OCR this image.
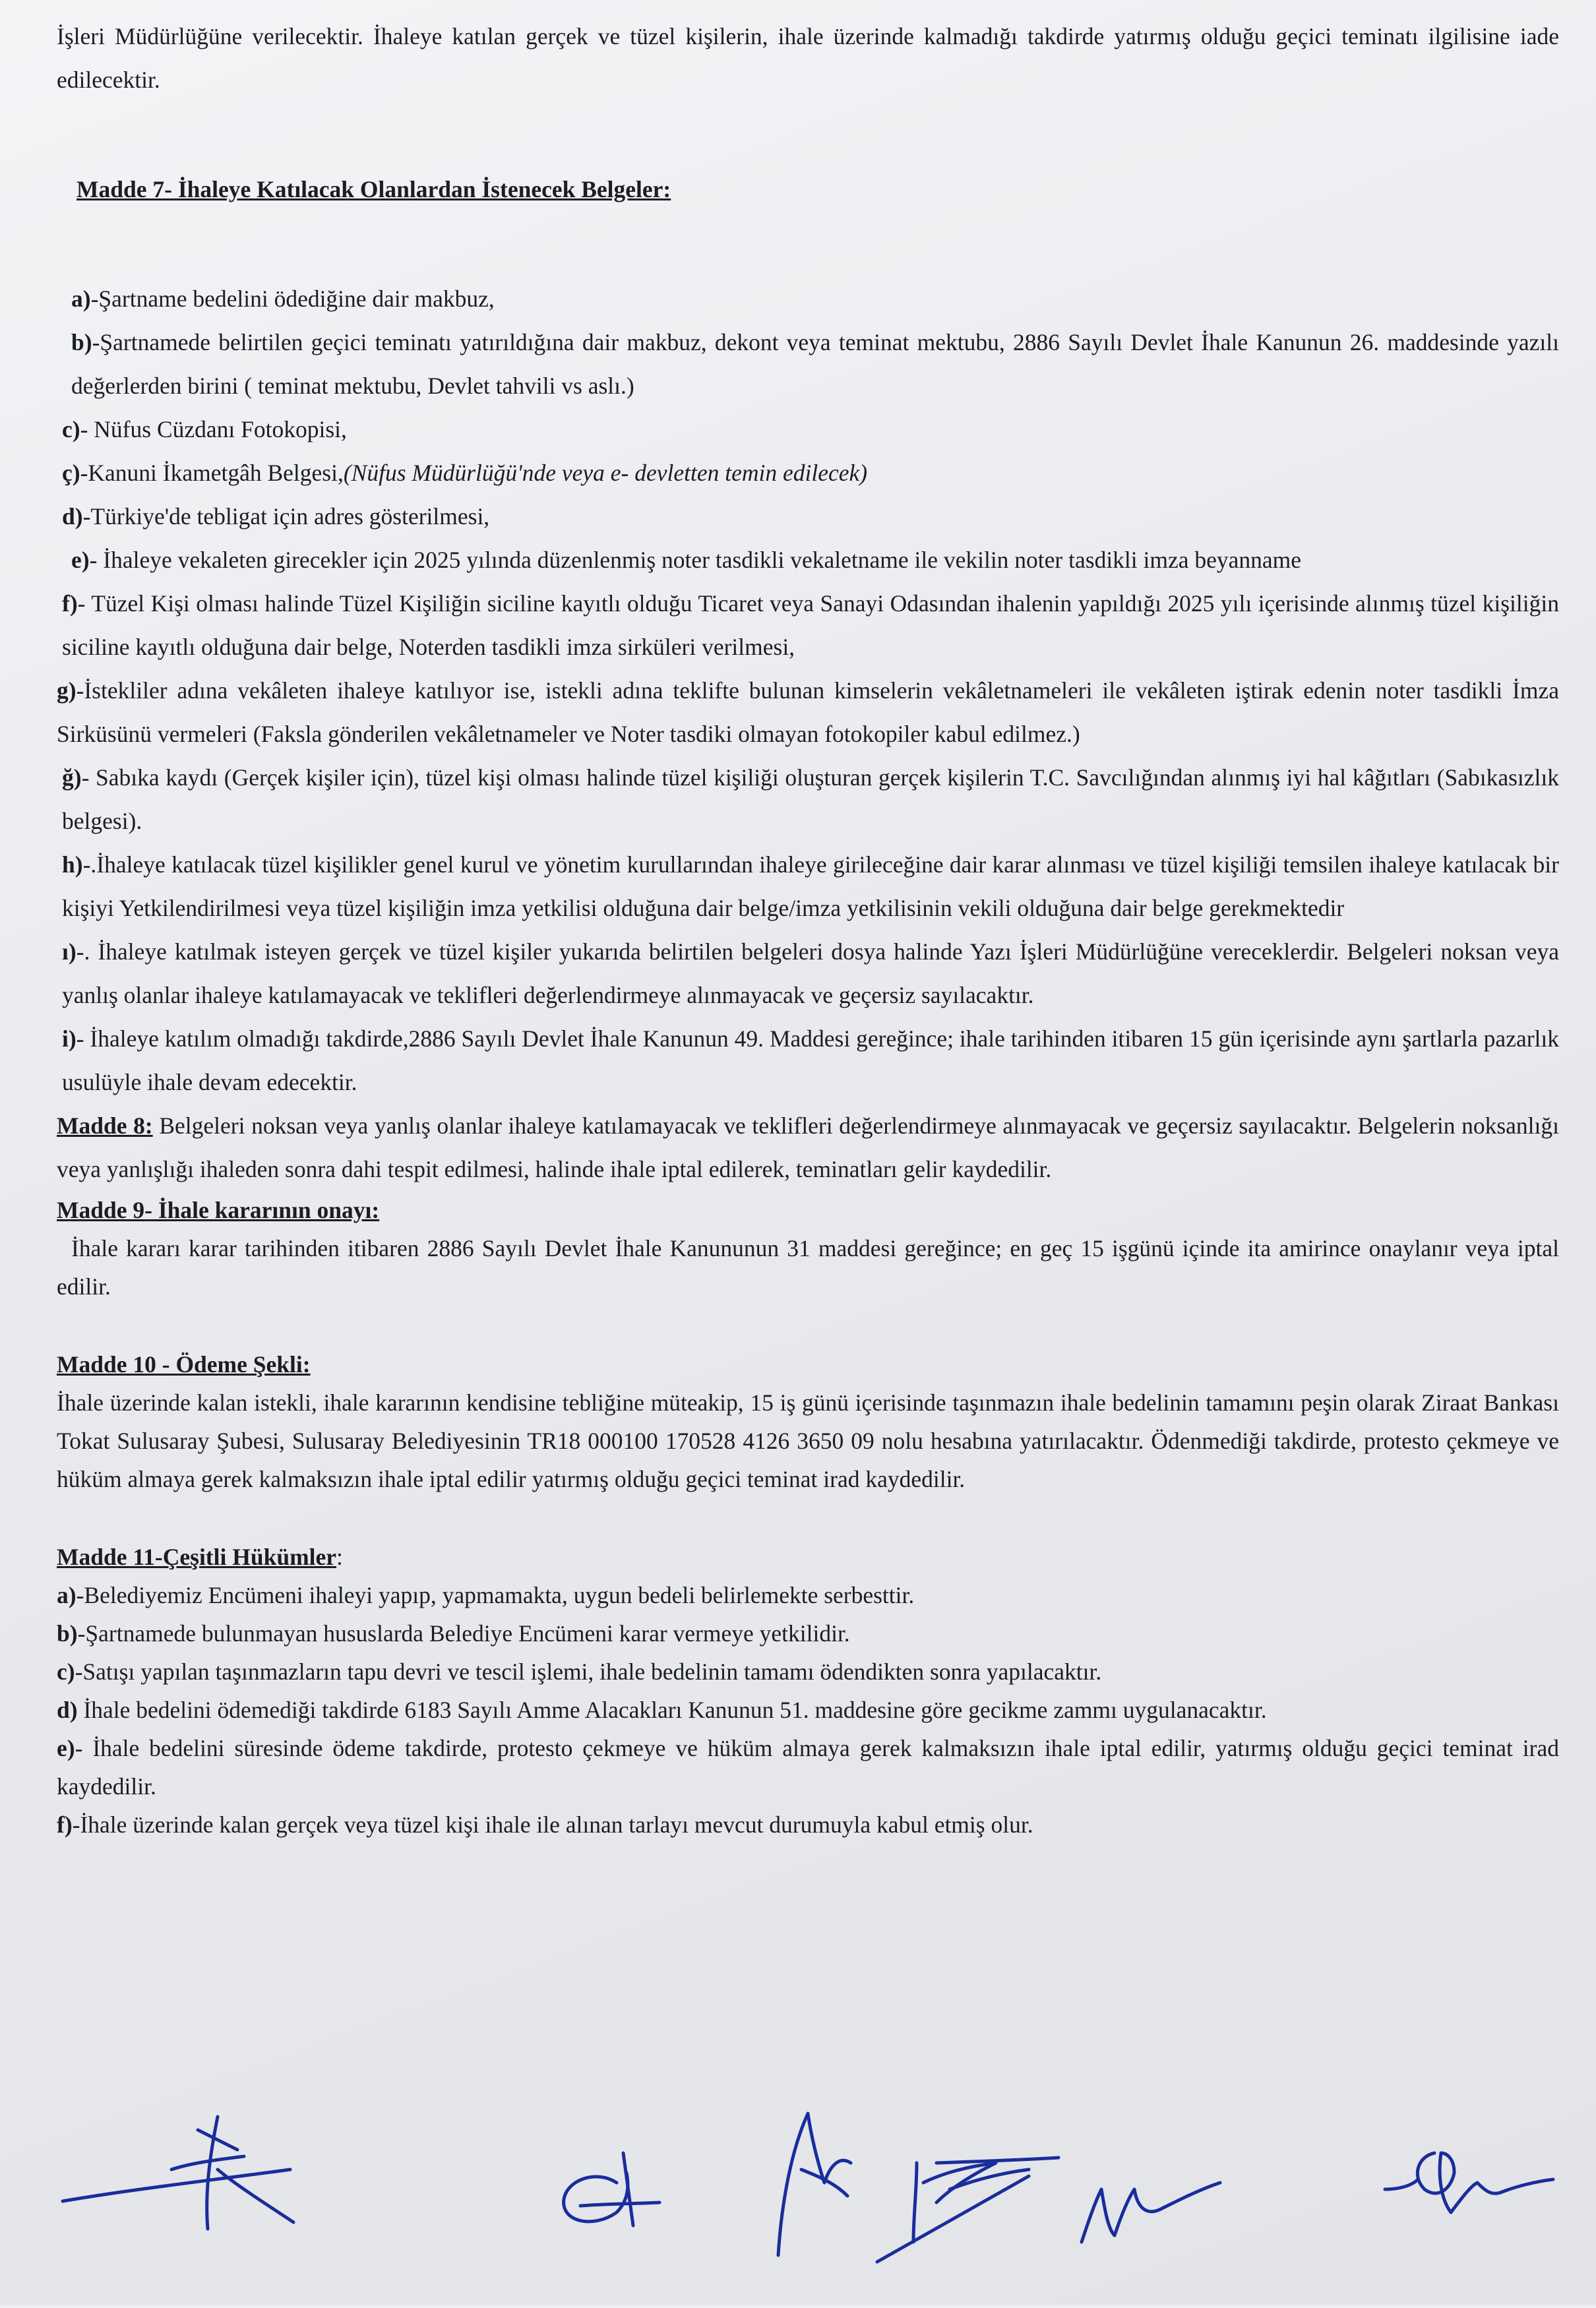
İşleri Müdürlüğüne verilecektir. İhaleye katılan gerçek ve tüzel kişilerin, ihale üzerinde kalmadığı takdirde yatırmış olduğu geçici teminatı ilgilisine iade edilecektir.

Madde 7- İhaleye Katılacak Olanlardan İstenecek Belgeler:

a)-Şartname bedelini ödediğine dair makbuz,

b)-Şartnamede belirtilen geçici teminatı yatırıldığına dair makbuz, dekont veya teminat mektubu, 2886 Sayılı Devlet İhale Kanunun 26. maddesinde yazılı değerlerden birini ( teminat mektubu, Devlet tahvili vs aslı.)

c)- Nüfus Cüzdanı Fotokopisi,

ç)-Kanuni İkametgâh Belgesi,(Nüfus Müdürlüğü'nde veya e- devletten temin edilecek)

d)-Türkiye'de tebligat için adres gösterilmesi,

e)- İhaleye vekaleten girecekler için 2025 yılında düzenlenmiş noter tasdikli vekaletname ile vekilin noter tasdikli imza beyanname

f)- Tüzel Kişi olması halinde Tüzel Kişiliğin siciline kayıtlı olduğu Ticaret veya Sanayi Odasından ihalenin yapıldığı 2025 yılı içerisinde alınmış tüzel kişiliğin siciline kayıtlı olduğuna dair belge, Noterden tasdikli imza sirküleri verilmesi,

g)-İstekliler adına vekâleten ihaleye katılıyor ise, istekli adına teklifte bulunan kimselerin vekâletnameleri ile vekâleten iştirak edenin noter tasdikli İmza Sirküsünü vermeleri (Faksla gönderilen vekâletnameler ve Noter tasdiki olmayan fotokopiler kabul edilmez.)

ğ)- Sabıka kaydı (Gerçek kişiler için), tüzel kişi olması halinde tüzel kişiliği oluşturan gerçek kişilerin T.C. Savcılığından alınmış iyi hal kâğıtları (Sabıkasızlık belgesi).

h)-.İhaleye katılacak tüzel kişilikler genel kurul ve yönetim kurullarından ihaleye girileceğine dair karar alınması ve tüzel kişiliği temsilen ihaleye katılacak bir kişiyi Yetkilendirilmesi veya tüzel kişiliğin imza yetkilisi olduğuna dair belge/imza yetkilisinin vekili olduğuna dair belge gerekmektedir

ı)-. İhaleye katılmak isteyen gerçek ve tüzel kişiler yukarıda belirtilen belgeleri dosya halinde Yazı İşleri Müdürlüğüne vereceklerdir. Belgeleri noksan veya yanlış olanlar ihaleye katılamayacak ve teklifleri değerlendirmeye alınmayacak ve geçersiz sayılacaktır.

i)- İhaleye katılım olmadığı takdirde,2886 Sayılı Devlet İhale Kanunun 49. Maddesi gereğince; ihale tarihinden itibaren 15 gün içerisinde aynı şartlarla pazarlık usulüyle ihale devam edecektir.

Madde 8: Belgeleri noksan veya yanlış olanlar ihaleye katılamayacak ve teklifleri değerlendirmeye alınmayacak ve geçersiz sayılacaktır. Belgelerin noksanlığı veya yanlışlığı ihaleden sonra dahi tespit edilmesi, halinde ihale iptal edilerek, teminatları gelir kaydedilir.

Madde 9- İhale kararının onayı:

İhale kararı karar tarihinden itibaren 2886 Sayılı Devlet İhale Kanununun 31 maddesi gereğince; en geç 15 işgünü içinde ita amirince onaylanır veya iptal edilir.

Madde 10 - Ödeme Şekli:

İhale üzerinde kalan istekli, ihale kararının kendisine tebliğine müteakip, 15 iş günü içerisinde taşınmazın ihale bedelinin tamamını peşin olarak Ziraat Bankası Tokat Sulusaray Şubesi, Sulusaray Belediyesinin TR18 000100 170528 4126 3650 09 nolu hesabına yatırılacaktır. Ödenmediği takdirde, protesto çekmeye ve hüküm almaya gerek kalmaksızın ihale iptal edilir yatırmış olduğu geçici teminat irad kaydedilir.

Madde 11-Çeşitli Hükümler:

a)-Belediyemiz Encümeni ihaleyi yapıp, yapmamakta, uygun bedeli belirlemekte serbesttir.

b)-Şartnamede bulunmayan hususlarda Belediye Encümeni karar vermeye yetkilidir.

c)-Satışı yapılan taşınmazların tapu devri ve tescil işlemi, ihale bedelinin tamamı ödendikten sonra yapılacaktır.

d) İhale bedelini ödemediği takdirde 6183 Sayılı Amme Alacakları Kanunun 51. maddesine göre gecikme zammı uygulanacaktır.

e)- İhale bedelini süresinde ödeme takdirde, protesto çekmeye ve hüküm almaya gerek kalmaksızın ihale iptal edilir, yatırmış olduğu geçici teminat irad kaydedilir.

f)-İhale üzerinde kalan gerçek veya tüzel kişi ihale ile alınan tarlayı mevcut durumuyla kabul etmiş olur.
